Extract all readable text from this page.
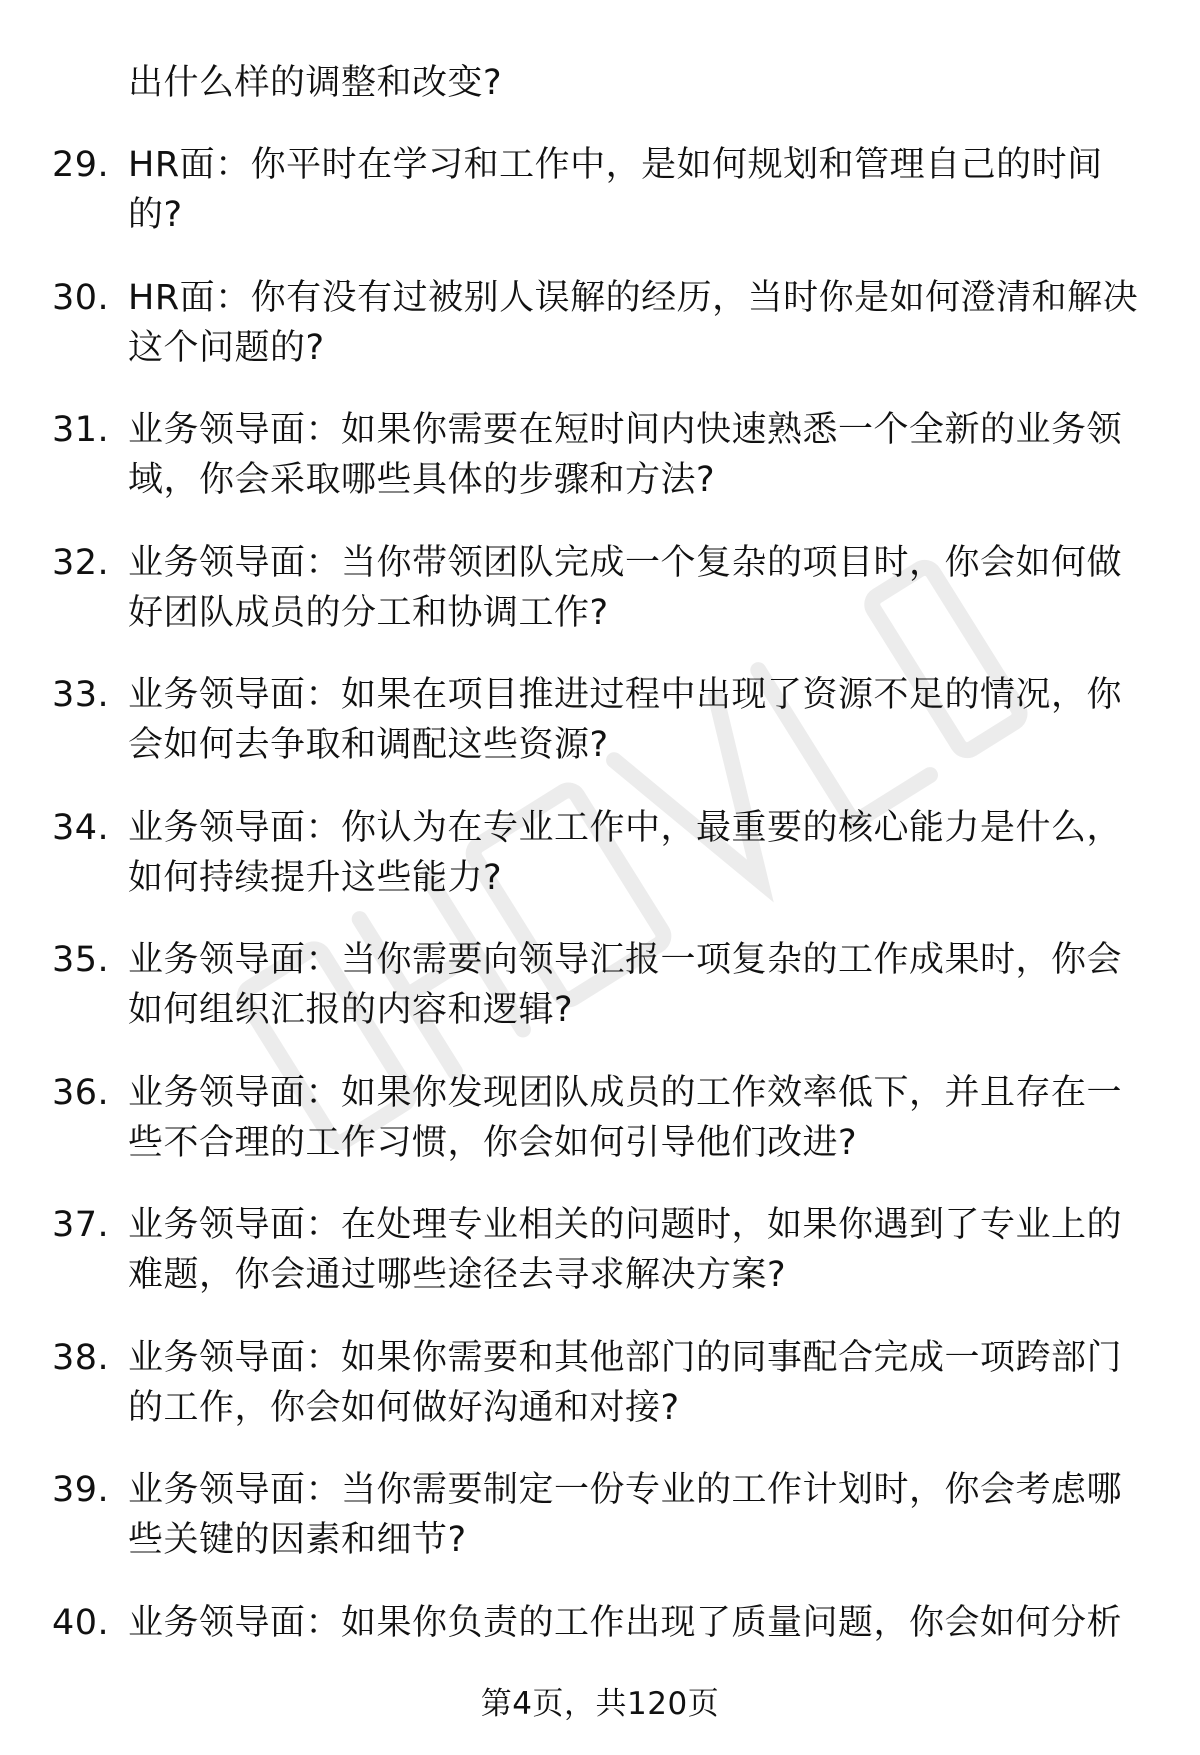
出什么样的调整和改变?
29. HR面：你平时在学习和工作中，是如何规划和管理自己的时间的?
30. HR面：你有没有过被别人误解的经历，当时你是如何澄清和解决这个问题的?
31. 业务领导面：如果你需要在短时间内快速熟悉一个全新的业务领域，你会采取哪些具体的步骤和方法?
32. 业务领导面：当你带领团队完成一个复杂的项目时，你会如何做好团队成员的分工和协调工作?
33. 业务领导面：如果在项目推进过程中出现了资源不足的情况，你会如何去争取和调配这些资源?
34. 业务领导面：你认为在专业工作中，最重要的核心能力是什么，如何持续提升这些能力?
35. 业务领导面：当你需要向领导汇报一项复杂的工作成果时，你会如何组织汇报的内容和逻辑?
36. 业务领导面：如果你发现团队成员的工作效率低下，并且存在一些不合理的工作习惯，你会如何引导他们改进?
37. 业务领导面：在处理专业相关的问题时，如果你遇到了专业上的难题，你会通过哪些途径去寻求解决方案?
38. 业务领导面：如果你需要和其他部门的同事配合完成一项跨部门的工作，你会如何做好沟通和对接?
39. 业务领导面：当你需要制定一份专业的工作计划时，你会考虑哪些关键的因素和细节?
40. 业务领导面：如果你负责的工作出现了质量问题，你会如何分析
第4页，共120页
